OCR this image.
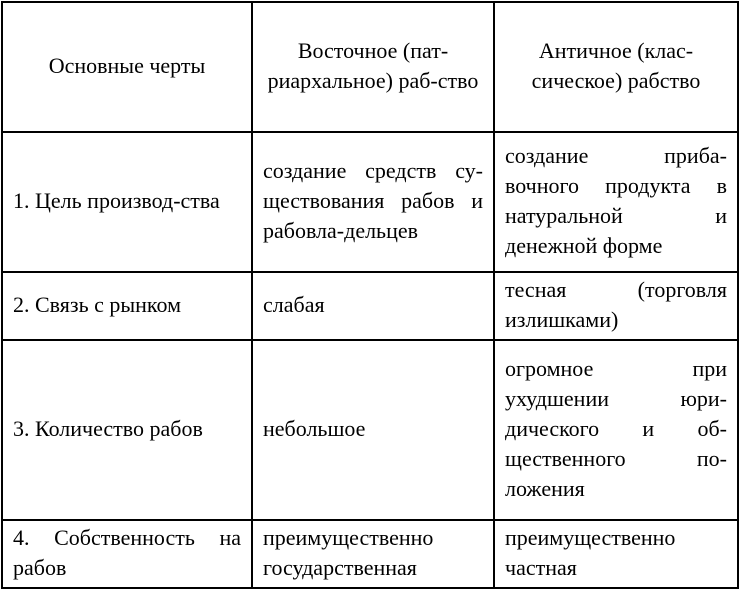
Основные черты	Восточное (пат-риархальное) раб-ство	Античное (клас-сическое) рабство
1. Цель производ-ства	создание средств су-ществования рабов и рабовла-дельцев	создание приба-вочного продукта в натуральной и денежной форме
2. Связь с рынком	слабая	тесная (торговля излишками)
3. Количество рабов	небольшое	огромное при ухудшении юри-дического и об-щественного по-ложения
4. Собственность на рабов	преимущественно государственная	преимущественно частная
